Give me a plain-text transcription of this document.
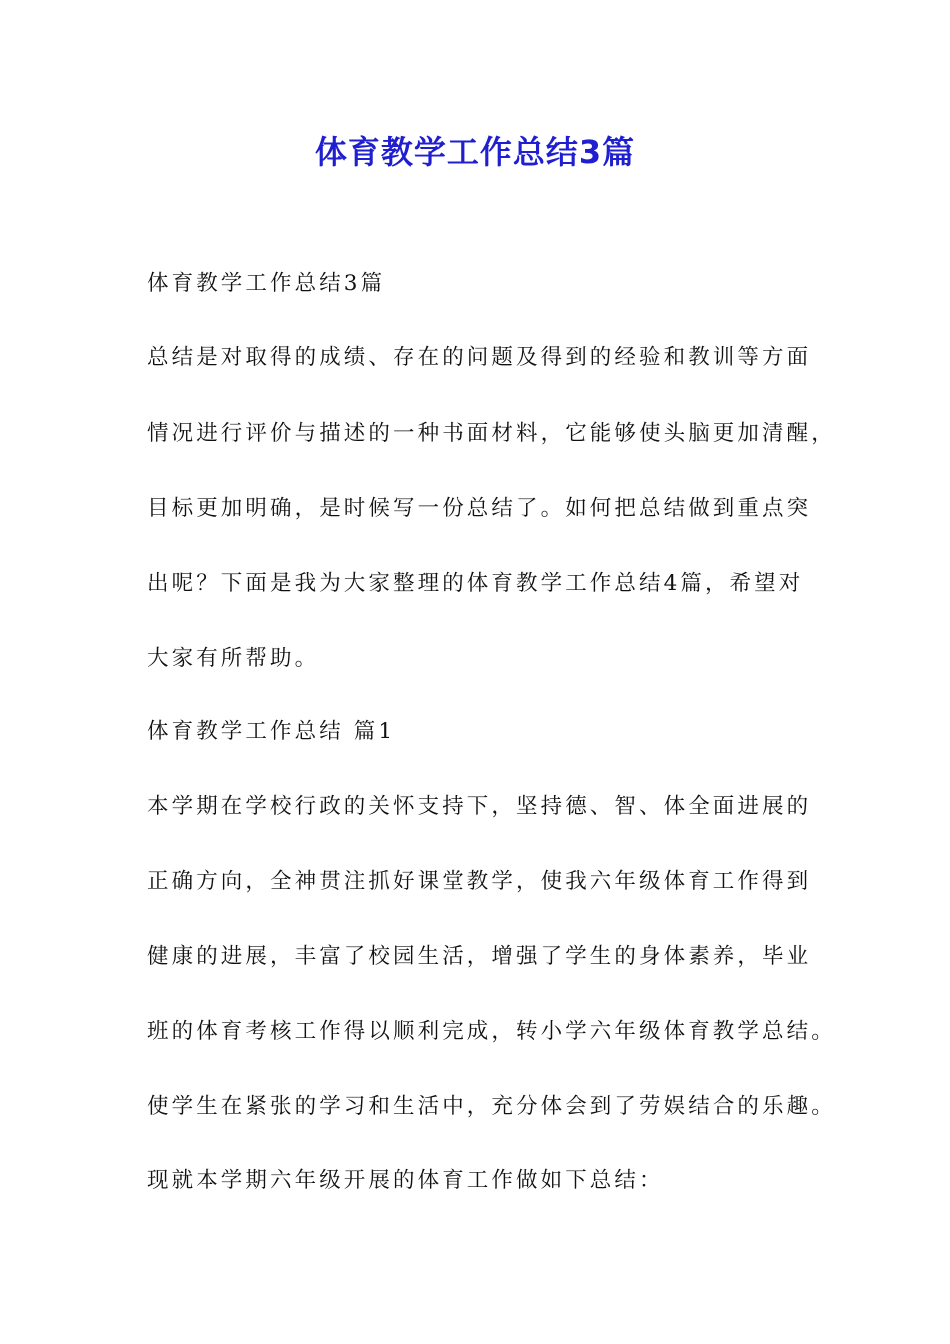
体育教学工作总结3篇
体育教学工作总结3篇
总结是对取得的成绩、存在的问题及得到的经验和教训等方面
情况进行评价与描述的一种书面材料，它能够使头脑更加清醒，
目标更加明确，是时候写一份总结了。如何把总结做到重点突
出呢？下面是我为大家整理的体育教学工作总结4篇，希望对
大家有所帮助。
体育教学工作总结 篇1
本学期在学校行政的关怀支持下，坚持德、智、体全面进展的
正确方向，全神贯注抓好课堂教学，使我六年级体育工作得到
健康的进展，丰富了校园生活，增强了学生的身体素养，毕业
班的体育考核工作得以顺利完成，转小学六年级体育教学总结。
使学生在紧张的学习和生活中，充分体会到了劳娱结合的乐趣。
现就本学期六年级开展的体育工作做如下总结：
